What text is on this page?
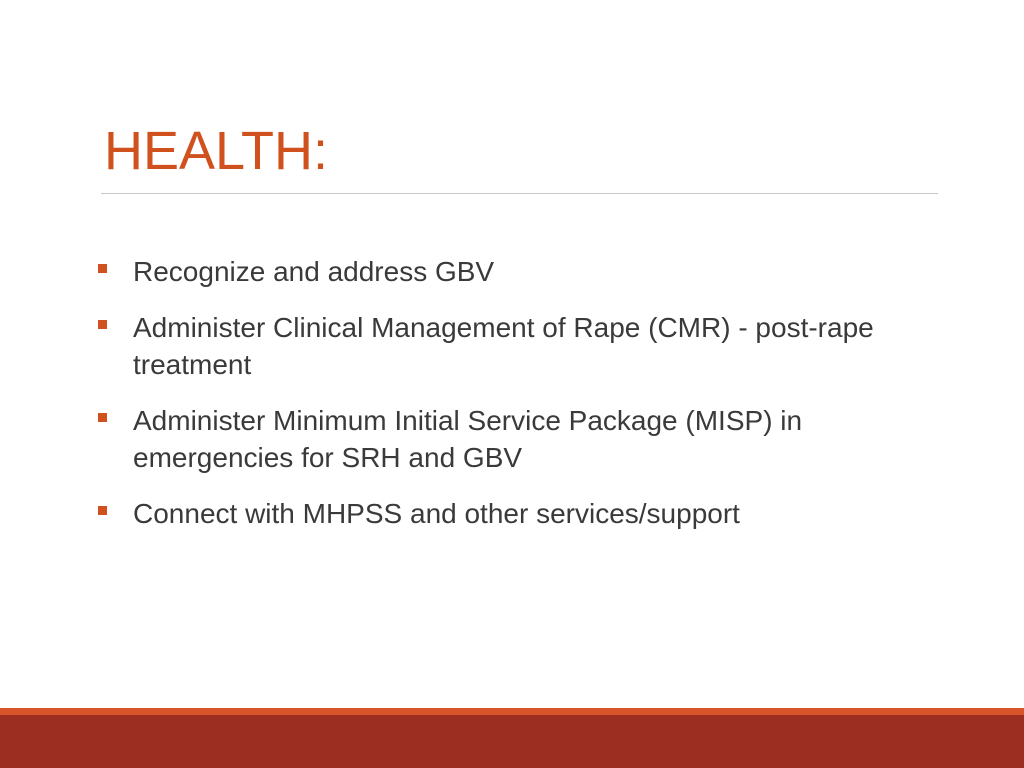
HEALTH:
Recognize and address GBV
Administer Clinical Management of Rape (CMR) - post-rape treatment
Administer Minimum Initial Service Package (MISP) in emergencies for SRH and GBV
Connect with MHPSS and other services/support
